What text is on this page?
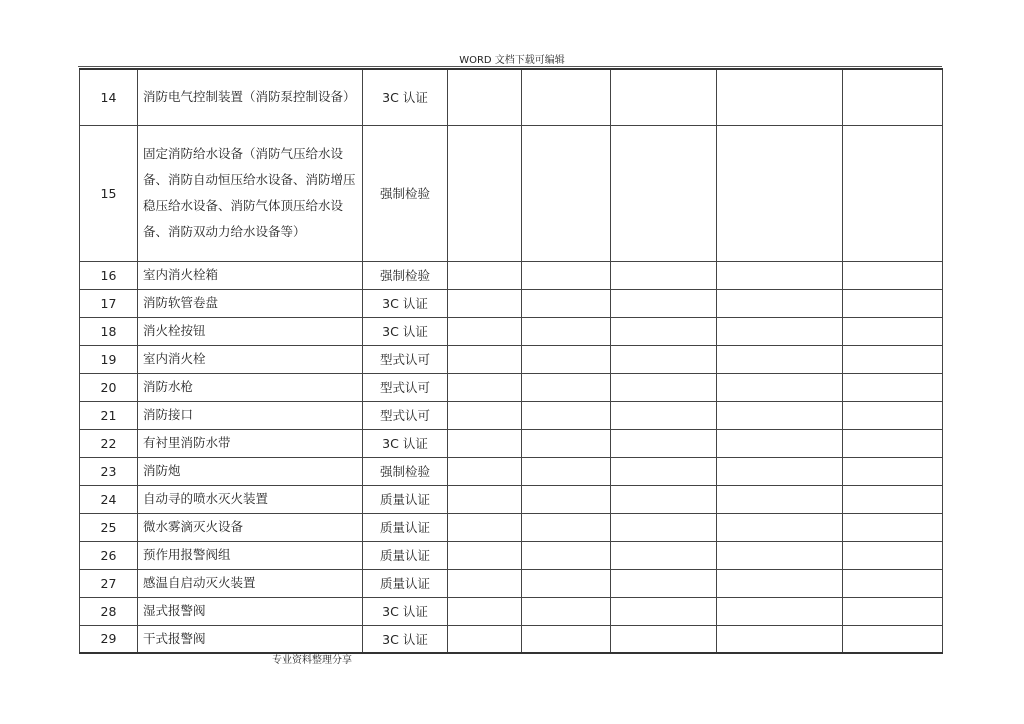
WORD 文档下载可编辑
14	消防电气控制装置（消防泵控制设备）	3C 认证					
15	固定消防给水设备（消防气压给水设备、消防自动恒压给水设备、消防增压稳压给水设备、消防气体顶压给水设备、消防双动力给水设备等）	强制检验					
16	室内消火栓箱	强制检验					
17	消防软管卷盘	3C 认证					
18	消火栓按钮	3C 认证					
19	室内消火栓	型式认可					
20	消防水枪	型式认可					
21	消防接口	型式认可					
22	有衬里消防水带	3C 认证					
23	消防炮	强制检验					
24	自动寻的喷水灭火装置	质量认证					
25	微水雾滴灭火设备	质量认证					
26	预作用报警阀组	质量认证					
27	感温自启动灭火装置	质量认证					
28	湿式报警阀	3C 认证					
29	干式报警阀	3C 认证					
专业资料整理分享
